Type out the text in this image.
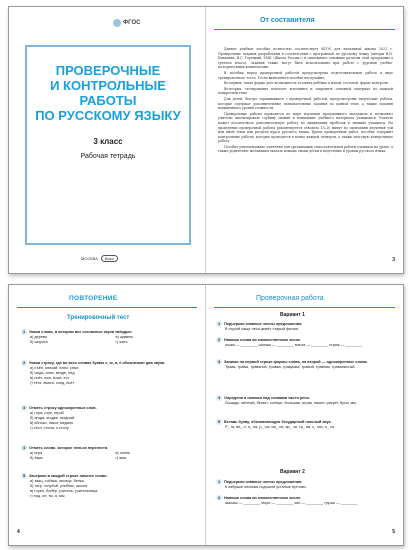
ФГОС
ПРОВЕРОЧНЫЕ
И КОНТРОЛЬНЫЕ
РАБОТЫ
ПО РУССКОМУ ЯЗЫКУ
3 класс
Рабочая тетрадь
МОСКВА	Вако
От составителя

Данное учебное пособие полностью соответствует ФГОС для начальной школы 2021 г. Проверочные задания разработаны в соответствии с программой по русскому языку (авторы В.П. Канакина, В.Г. Горецкий, УМК «Школа России») и охватывают основные разделы этой программы в третьем классе. Задания также могут быть использованы при работе с другими учебно-методическими комплектами.

В пособии перед проверочной работой предусмотрена подготовительная работа в виде тренировочного теста. Тесты включены в пособие неслучайно.

Во-первых, такая форма даёт возможность готовить ребёнка к новой, тестовой, форме контроля.

Во-вторых, тестирование помогает вспомнить и закрепить основной материал по каждой конкретной теме.

Для детей, быстро справившихся с проверочной работой, предусмотрены творческие работы, которые содержат дополнительные познавательные задания по данной теме, а также задания повышенного уровня сложности.

Проверочные работы проводятся по мере изучения программного материала и позволяют учителю анализировать глубину знаний и понимание учебного материала учащимися. Учитель может посоветовать дополнительную работу по ликвидации пробелов в знаниях учащихся. На проведение проверочной работы рекомендуется отводить 15–20 минут по окончании изучения той или иной темы или раздела курса русского языка. Кроме проверочных работ, пособие содержит контрольные работы, которые проводятся в конце каждой четверти, а также итоговую контрольную работу.

Пособие рекомендовано учителям для организации самостоятельной работы учеников на уроке, а также родителям, желающим оказать помощь своим детям в подготовке к урокам русского языка.

3
ПОВТОРЕНИЕ
Тренировочный тест
1 Укажи слово, в котором все согласные звуки твёрдые.
а) дерево	в) щавель
б) широта	г) жить
2 Укажи строку, где во всех словах буквы е, ю, я, ё обозначают два звука.
а) съёл, мягкий, плюс, реки
б) сюда, пляс, везде, лёд
в) поёт, пою, ёлка, ест
г) тётя, вьюга, след, пьёт
3 Отметь строку однокоренных слов.
а) гора, горе, герой
б) ягода, ягодка, ягодный
в) яблоко, пикот, медаль
г) стол, столы, к столу
4 Отметь слово, которое нельзя перенести.
а) игра	в) осень
б) ёжик	г) яма
5 Зачеркни в каждой строке лишнее слово.
а) заяц, собака, лисица, белка
б) тигр, голубой, учебник, школа
в) горел, бобёр, учитель, учительница
г) под, он, ты, я, мы
4
Проверочная работа
Вариант 1
1 Подчеркни главные члены предложения.
В глухой чаще леса живёт старый филин.
2 Напиши слова во множественном числе.
лыжа — ________ шалаш — ________ мачта — ________ стриж — ________
3 Запиши на первой строке формы слова, на второй — однокоренные слова.
Трава, травы, травяной, травка, травушка, травой, травник, травянистый.
4 Определи и напиши над словами части речи.
Лошадь, жёлтый, бегает, солнце, большая, играя, пишет, рисует, бусы, мы.
5 Вставь букву, обозначающую безударный гласный звук.
Р_ га, ви_ н, п_ ла, р_ сы, см_ ла, вр_ чи, тр_ ва, с_ мы, н_ са.
Вариант 2
1 Подчеркни главные члены предложения.
К избушке лесника подошли усталые путники.
2 Напиши слова во множественном числе.
шалаш — ________ море — ________ чан — ________ груша — ________
5
